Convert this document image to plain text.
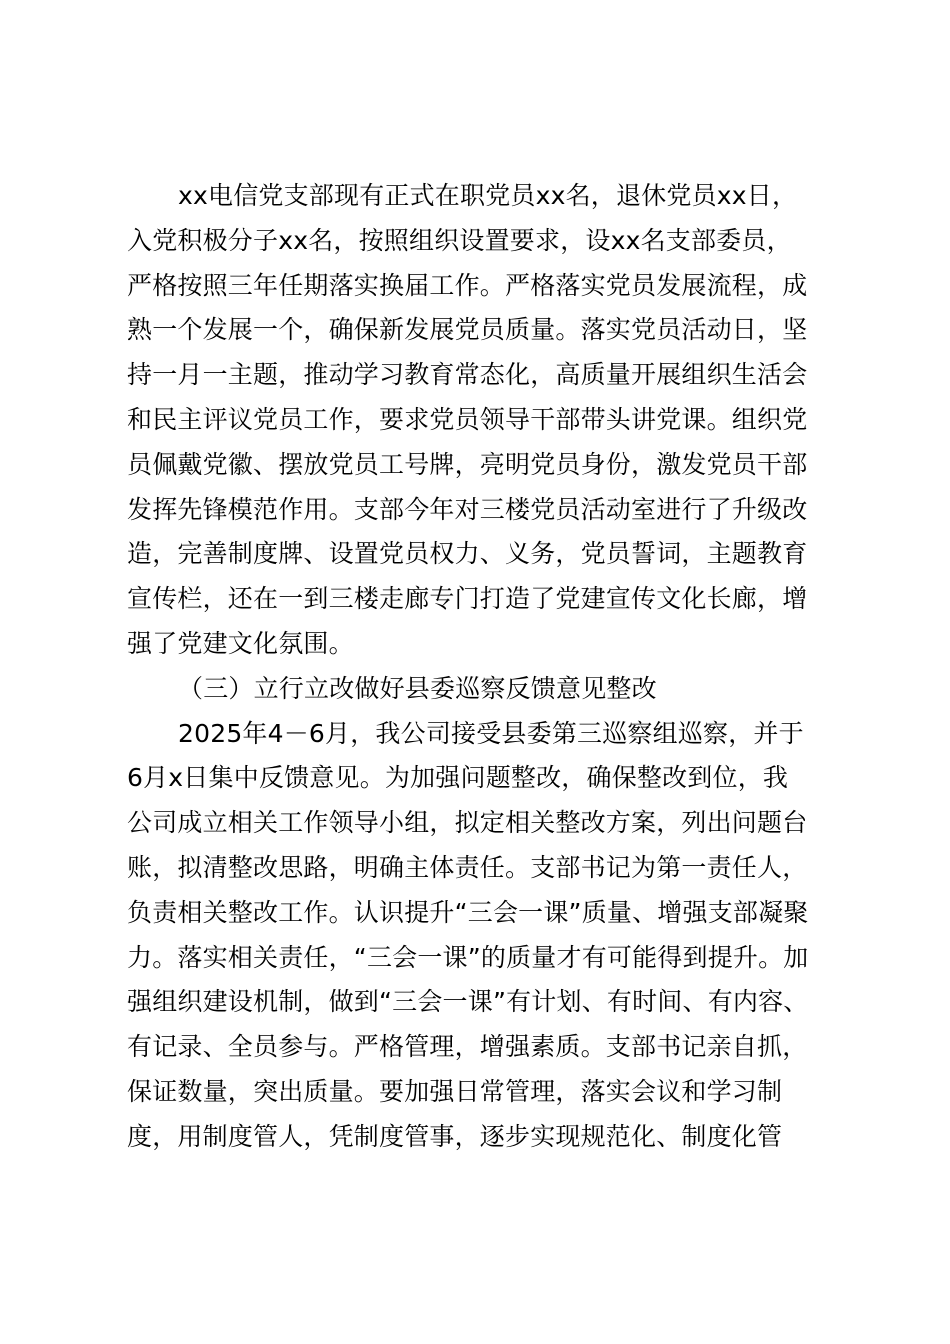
xx电信党支部现有正式在职党员xx名，退休党员xx日，
入党积极分子xx名，按照组织设置要求，设xx名支部委员，
严格按照三年任期落实换届工作。严格落实党员发展流程，成
熟一个发展一个，确保新发展党员质量。落实党员活动日，坚
持一月一主题，推动学习教育常态化，高质量开展组织生活会
和民主评议党员工作，要求党员领导干部带头讲党课。组织党
员佩戴党徽、摆放党员工号牌，亮明党员身份，激发党员干部
发挥先锋模范作用。支部今年对三楼党员活动室进行了升级改
造，完善制度牌、设置党员权力、义务，党员誓词，主题教育
宣传栏，还在一到三楼走廊专门打造了党建宣传文化长廊，增
强了党建文化氛围。
（三）立行立改做好县委巡察反馈意见整改
2025年4－6月，我公司接受县委第三巡察组巡察，并于
6月x日集中反馈意见。为加强问题整改，确保整改到位，我
公司成立相关工作领导小组，拟定相关整改方案，列出问题台
账，拟清整改思路，明确主体责任。支部书记为第一责任人，
负责相关整改工作。认识提升“三会一课”质量、增强支部凝聚
力。落实相关责任，“三会一课”的质量才有可能得到提升。加
强组织建设机制，做到“三会一课”有计划、有时间、有内容、
有记录、全员参与。严格管理，增强素质。支部书记亲自抓，
保证数量，突出质量。要加强日常管理，落实会议和学习制
度，用制度管人，凭制度管事，逐步实现规范化、制度化管
